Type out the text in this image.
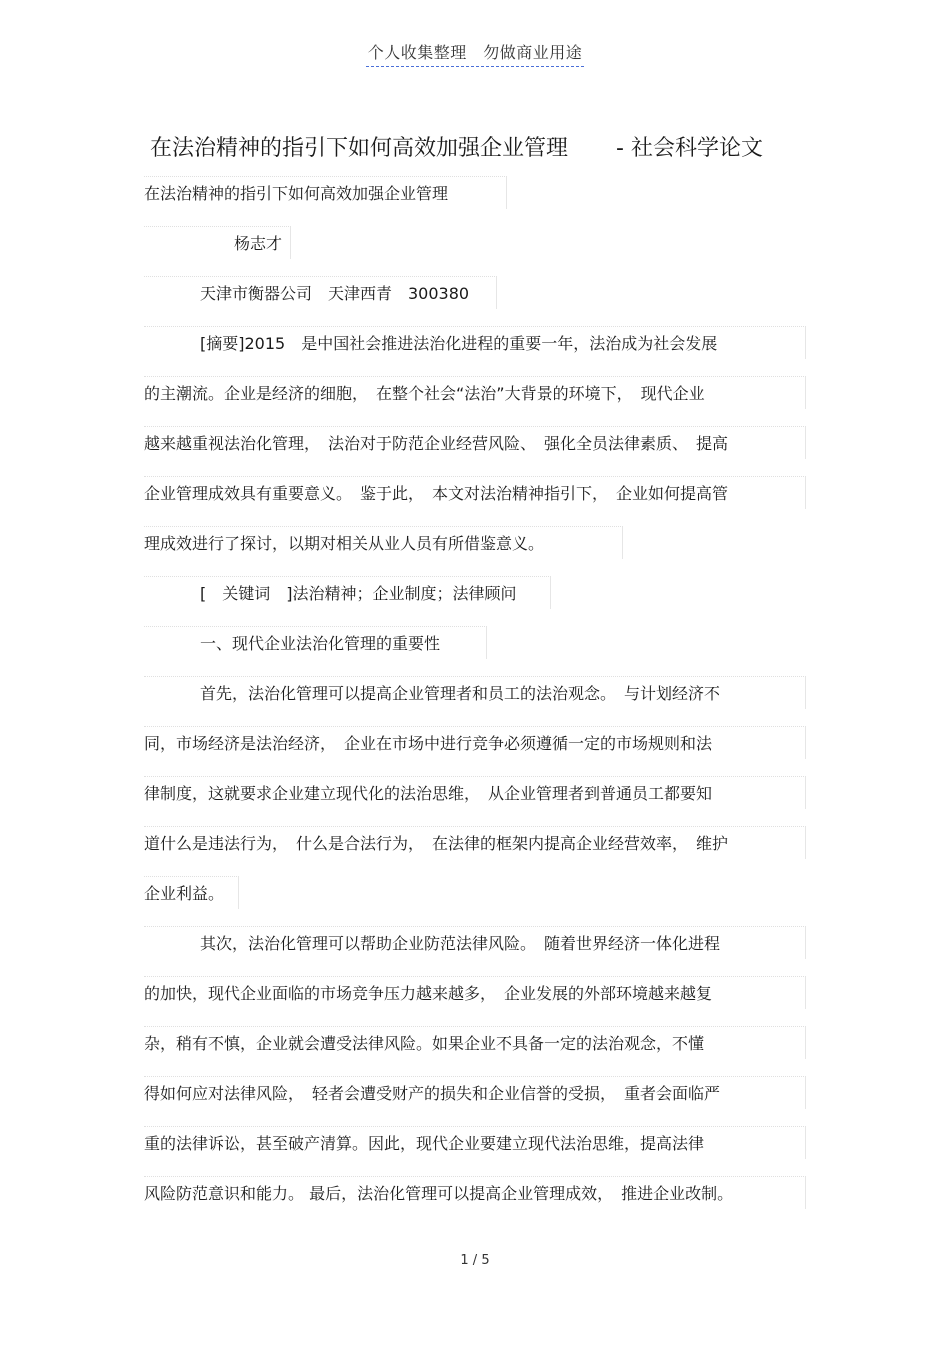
个人收集整理　勿做商业用途
在法治精神的指引下如何高效加强企业管理 - 社会科学论文
在法治精神的指引下如何高效加强企业管理
杨志才
天津市衡器公司　天津西青　300380
[摘要]2015　是中国社会推进法治化进程的重要一年，法治成为社会发展
的主潮流。企业是经济的细胞，　在整个社会“法治”大背景的环境下，　现代企业
越来越重视法治化管理，　法治对于防范企业经营风险、　强化全员法律素质、　提高
企业管理成效具有重要意义。　鉴于此，　本文对法治精神指引下，　企业如何提高管
理成效进行了探讨，以期对相关从业人员有所借鉴意义。
[　关键词　]法治精神；企业制度；法律顾问
一、现代企业法治化管理的重要性
首先，法治化管理可以提高企业管理者和员工的法治观念。　与计划经济不
同，市场经济是法治经济，　企业在市场中进行竞争必须遵循一定的市场规则和法
律制度，这就要求企业建立现代化的法治思维，　从企业管理者到普通员工都要知
道什么是违法行为，　什么是合法行为，　在法律的框架内提高企业经营效率，　维护
企业利益。
其次，法治化管理可以帮助企业防范法律风险。　随着世界经济一体化进程
的加快，现代企业面临的市场竞争压力越来越多，　企业发展的外部环境越来越复
杂，稍有不慎，企业就会遭受法律风险。如果企业不具备一定的法治观念，不懂
得如何应对法律风险，　轻者会遭受财产的损失和企业信誉的受损，　重者会面临严
重的法律诉讼，甚至破产清算。因此，现代企业要建立现代法治思维，提高法律
风险防范意识和能力。 最后，法治化管理可以提高企业管理成效，　推进企业改制。
1 / 5
